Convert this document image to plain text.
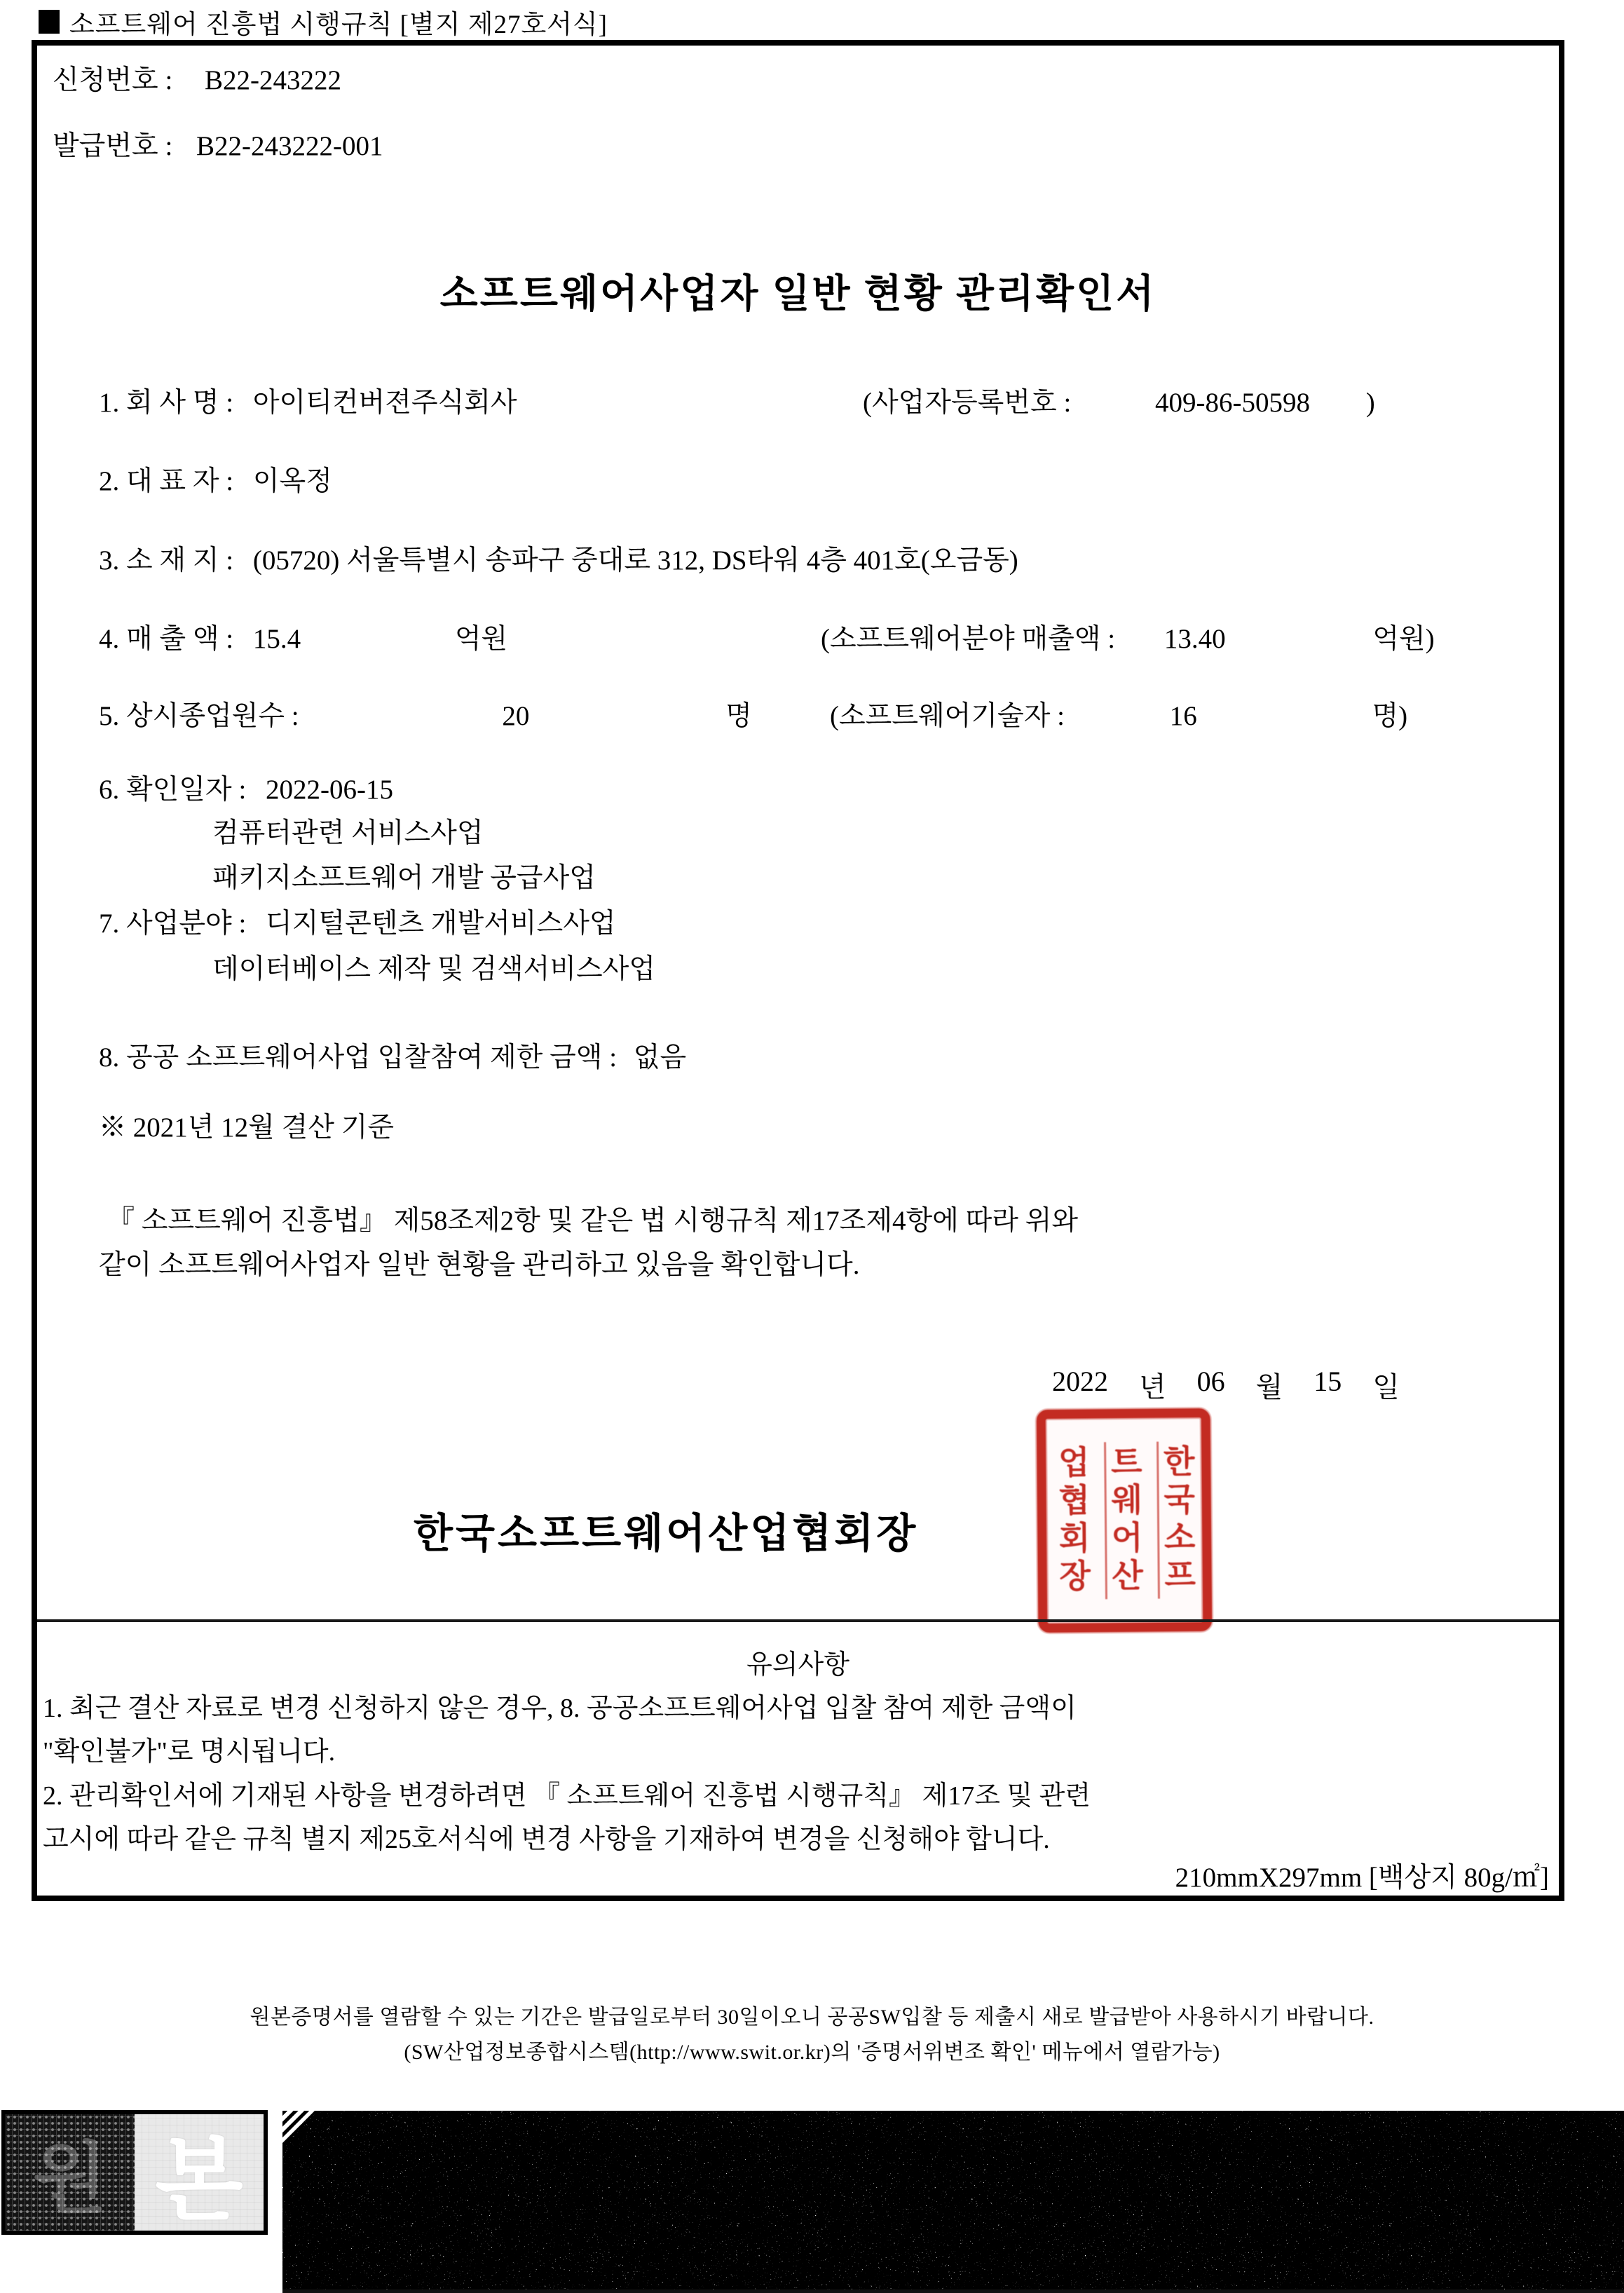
소프트웨어 진흥법 시행규칙 [별지 제27호서식]
신청번호 : B22-243222
발급번호 : B22-243222-001
소프트웨어사업자 일반 현황 관리확인서
1. 회 사 명 : 아이티컨버젼주식회사	(사업자등록번호 :	409-86-50598 )
2. 대 표 자 : 이옥정
3. 소 재 지 : (05720) 서울특별시 송파구 중대로 312, DS타워 4층 401호(오금동)
4. 매 출 액 : 15.4	억원	(소프트웨어분야 매출액 : 13.40	억원)
5. 상시종업원수 :	20	명	(소프트웨어기술자 :	16	명)
6. 확인일자 : 2022-06-15
컴퓨터관련 서비스사업
패키지소프트웨어 개발 공급사업
7. 사업분야 : 디지털콘텐츠 개발서비스사업
데이터베이스 제작 및 검색서비스사업
8. 공공 소프트웨어사업 입찰참여 제한 금액 : 없음
※ 2021년 12월 결산 기준
『 소프트웨어 진흥법』 제58조제2항 및 같은 법 시행규칙 제17조제4항에 따라 위와
같이 소프트웨어사업자 일반 현황을 관리하고 있음을 확인합니다.
2022 년 06 월 15 일
한국소프트웨어산업협회장	한국소프
트웨어산
업협회장
유의사항
1. 최근 결산 자료로 변경 신청하지 않은 경우, 8. 공공소프트웨어사업 입찰 참여 제한 금액이
"확인불가"로 명시됩니다.
2. 관리확인서에 기재된 사항을 변경하려면 『 소프트웨어 진흥법 시행규칙』 제17조 및 관련
고시에 따라 같은 규칙 별지 제25호서식에 변경 사항을 기재하여 변경을 신청해야 합니다.
210mmX297mm [백상지 80g/㎡]
원본증명서를 열람할 수 있는 기간은 발급일로부터 30일이오니 공공SW입찰 등 제출시 새로 발급받아 사용하시기 바랍니다.
(SW산업정보종합시스템(http://www.swit.or.kr)의 '증명서위변조 확인' 메뉴에서 열람가능)
원 본
